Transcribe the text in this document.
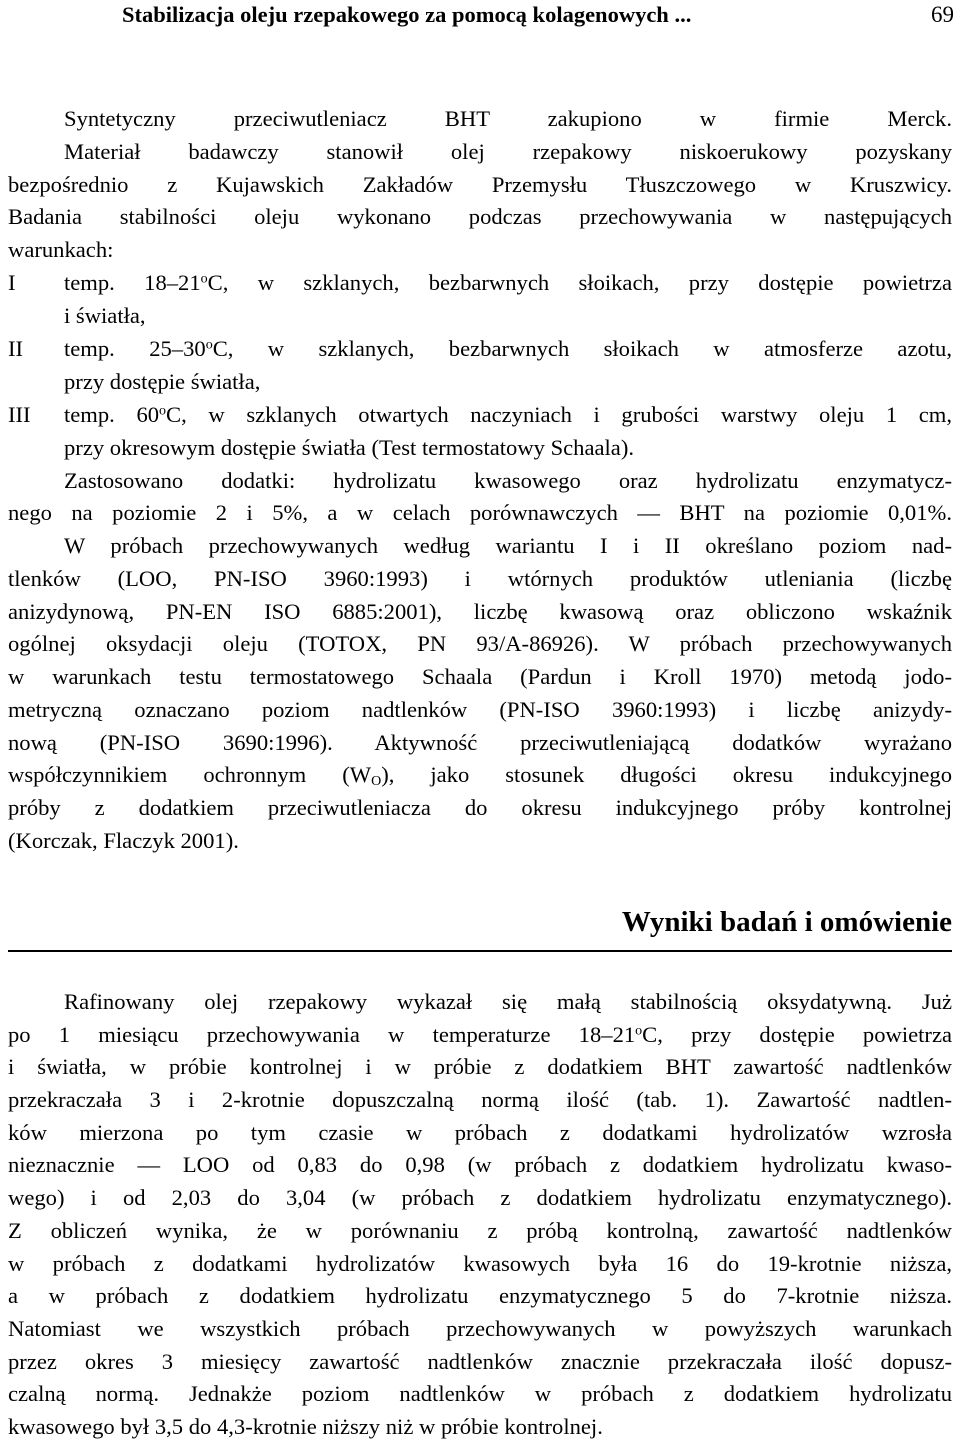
Stabilizacja oleju rzepakowego za pomocą kolagenowych ...	69
Syntetyczny przeciwutleniacz BHT zakupiono w firmie Merck.
Materiał badawczy stanowił olej rzepakowy niskoerukowy pozyskany
bezpośrednio z Kujawskich Zakładów Przemysłu Tłuszczowego w Kruszwicy.
Badania stabilności oleju wykonano podczas przechowywania w następujących
warunkach:
I temp. 18–21$^o$C, w szklanych, bezbarwnych słoikach, przy dostępie powietrza
i światła,
II temp. 25–30$^o$C, w szklanych, bezbarwnych słoikach w atmosferze azotu,
przy dostępie światła,
III temp. 60$^o$C, w szklanych otwartych naczyniach i grubości warstwy oleju 1 cm,
przy okresowym dostępie światła (Test termostatowy Schaala).
Zastosowano dodatki: hydrolizatu kwasowego oraz hydrolizatu enzymatycz-
nego na poziomie 2 i 5%, a w celach porównawczych — BHT na poziomie 0,01%.
W próbach przechowywanych według wariantu I i II określano poziom nad-
tlenków (LOO, PN-ISO 3960:1993) i wtórnych produktów utleniania (liczbę
anizydynową, PN-EN ISO 6885:2001), liczbę kwasową oraz obliczono wskaźnik
ogólnej oksydacji oleju (TOTOX, PN 93/A-86926). W próbach przechowywanych
w warunkach testu termostatowego Schaala (Pardun i Kroll 1970) metodą jodo-
metryczną oznaczano poziom nadtlenków (PN-ISO 3960:1993) i liczbę anizydy-
nową (PN-ISO 3690:1996). Aktywność przeciwutleniającą dodatków wyrażano
współczynnikiem ochronnym $(W_O)$, jako stosunek długości okresu indukcyjnego
próby z dodatkiem przeciwutleniacza do okresu indukcyjnego próby kontrolnej
(Korczak, Flaczyk 2001).
Wyniki badań i omówienie
Rafinowany olej rzepakowy wykazał się małą stabilnością oksydatywną. Już
po 1 miesiącu przechowywania w temperaturze 18–21$^o$C, przy dostępie powietrza
i światła, w próbie kontrolnej i w próbie z dodatkiem BHT zawartość nadtlenków
przekraczała 3 i 2-krotnie dopuszczalną normą ilość (tab. 1). Zawartość nadtlen-
ków mierzona po tym czasie w próbach z dodatkami hydrolizatów wzrosła
nieznacznie — LOO od 0,83 do 0,98 (w próbach z dodatkiem hydrolizatu kwaso-
wego) i od 2,03 do 3,04 (w próbach z dodatkiem hydrolizatu enzymatycznego).
Z obliczeń wynika, że w porównaniu z próbą kontrolną, zawartość nadtlenków
w próbach z dodatkami hydrolizatów kwasowych była 16 do 19-krotnie niższa,
a w próbach z dodatkiem hydrolizatu enzymatycznego 5 do 7-krotnie niższa.
Natomiast we wszystkich próbach przechowywanych w powyższych warunkach
przez okres 3 miesięcy zawartość nadtlenków znacznie przekraczała ilość dopusz-
czalną normą. Jednakże poziom nadtlenków w próbach z dodatkiem hydrolizatu
kwasowego był 3,5 do 4,3-krotnie niższy niż w próbie kontrolnej.
